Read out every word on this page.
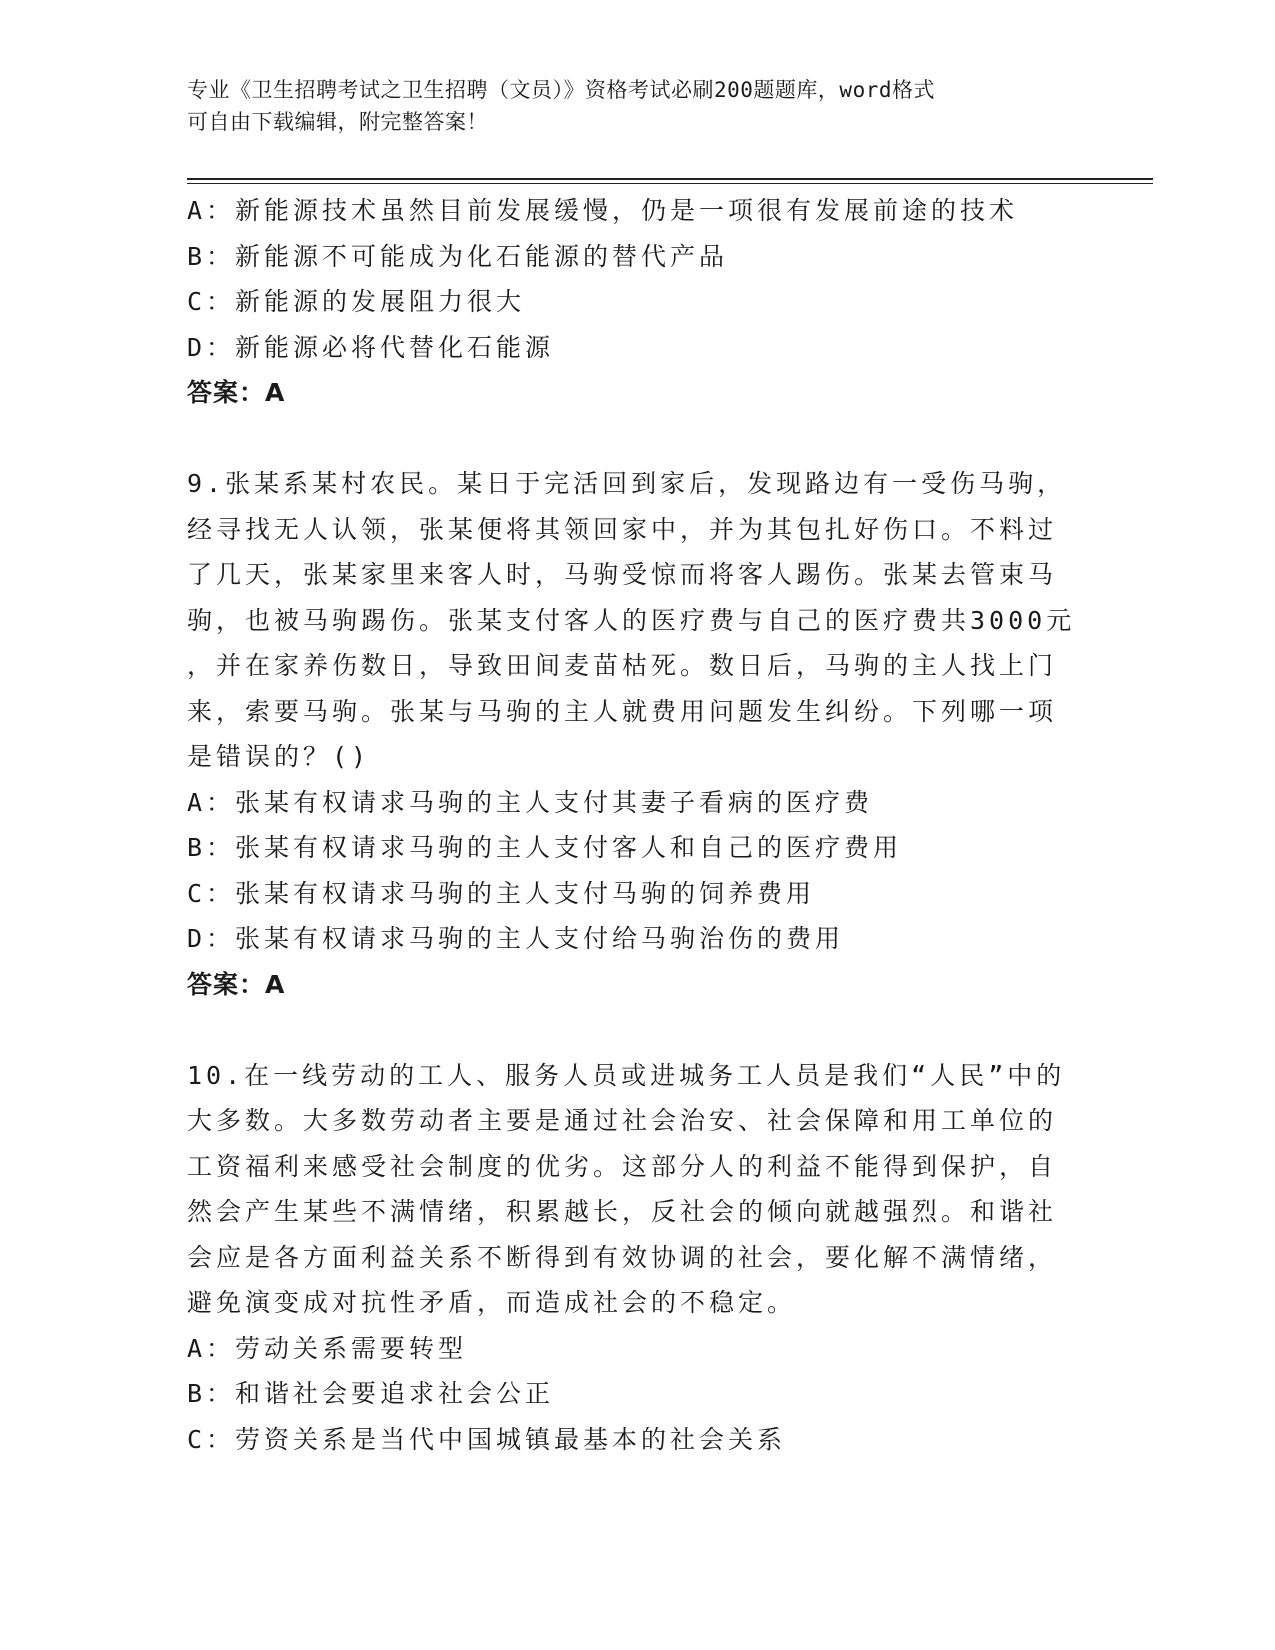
专业《卫生招聘考试之卫生招聘（文员）》资格考试必刷200题题库，word格式
可自由下载编辑，附完整答案！
A：新能源技术虽然目前发展缓慢，仍是一项很有发展前途的技术
B：新能源不可能成为化石能源的替代产品
C：新能源的发展阻力很大
D：新能源必将代替化石能源
答案：A
9.张某系某村农民。某日于完活回到家后，发现路边有一受伤马驹，
经寻找无人认领，张某便将其领回家中，并为其包扎好伤口。不料过
了几天，张某家里来客人时，马驹受惊而将客人踢伤。张某去管束马
驹，也被马驹踢伤。张某支付客人的医疗费与自己的医疗费共3000元
，并在家养伤数日，导致田间麦苗枯死。数日后，马驹的主人找上门
来，索要马驹。张某与马驹的主人就费用问题发生纠纷。下列哪一项
是错误的？()
A：张某有权请求马驹的主人支付其妻子看病的医疗费
B：张某有权请求马驹的主人支付客人和自己的医疗费用
C：张某有权请求马驹的主人支付马驹的饲养费用
D：张某有权请求马驹的主人支付给马驹治伤的费用
答案：A
10.在一线劳动的工人、服务人员或进城务工人员是我们“人民”中的
大多数。大多数劳动者主要是通过社会治安、社会保障和用工单位的
工资福利来感受社会制度的优劣。这部分人的利益不能得到保护，自
然会产生某些不满情绪，积累越长，反社会的倾向就越强烈。和谐社
会应是各方面利益关系不断得到有效协调的社会，要化解不满情绪，
避免演变成对抗性矛盾，而造成社会的不稳定。
A：劳动关系需要转型
B：和谐社会要追求社会公正
C：劳资关系是当代中国城镇最基本的社会关系
